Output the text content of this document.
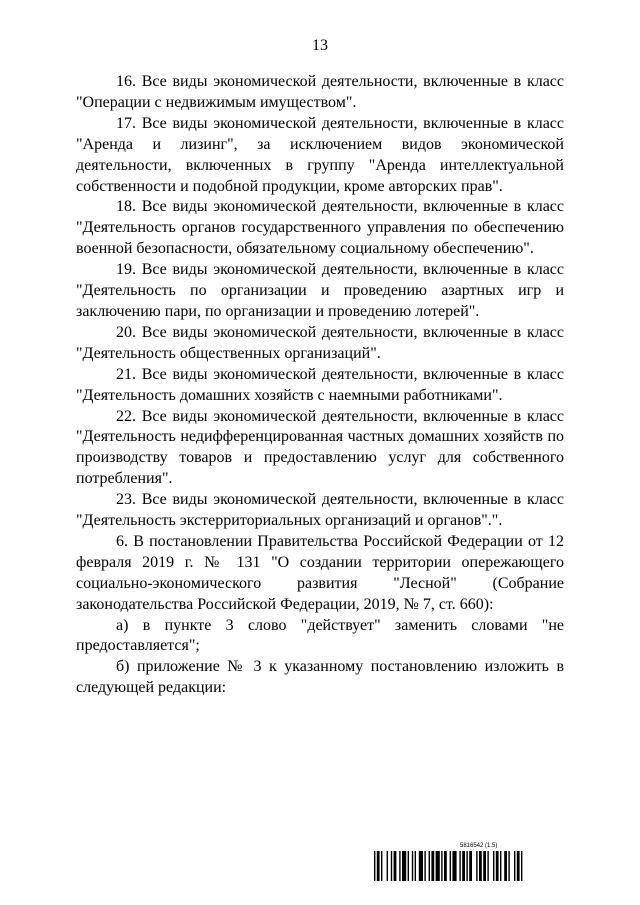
13

16. Все виды экономической деятельности, включенные в класс "Операции с недвижимым имуществом".

17. Все виды экономической деятельности, включенные в класс "Аренда и лизинг", за исключением видов экономической деятельности, включенных в группу "Аренда интеллектуальной собственности и подобной продукции, кроме авторских прав".

18. Все виды экономической деятельности, включенные в класс "Деятельность органов государственного управления по обеспечению военной безопасности, обязательному социальному обеспечению".

19. Все виды экономической деятельности, включенные в класс "Деятельность по организации и проведению азартных игр и заключению пари, по организации и проведению лотерей".

20. Все виды экономической деятельности, включенные в класс "Деятельность общественных организаций".

21. Все виды экономической деятельности, включенные в класс "Деятельность домашних хозяйств с наемными работниками".

22. Все виды экономической деятельности, включенные в класс "Деятельность недифференцированная частных домашних хозяйств по производству товаров и предоставлению услуг для собственного потребления".

23. Все виды экономической деятельности, включенные в класс "Деятельность экстерриториальных организаций и органов".".

6. В постановлении Правительства Российской Федерации от 12 февраля 2019 г. № 131 "О создании территории опережающего социально-экономического развития "Лесной" (Собрание законодательства Российской Федерации, 2019, № 7, ст. 660):

а) в пункте 3 слово "действует" заменить словами "не предоставляется";

б) приложение № 3 к указанному постановлению изложить в следующей редакции:

5816542 (1.5)
